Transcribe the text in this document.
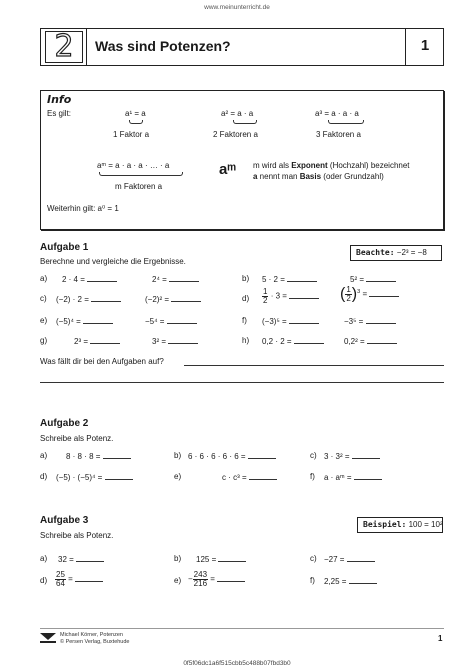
www.meinunterricht.de
2	Was sind Potenzen?	1
Info
Es gilt:	a¹ = a
1 Faktor a
a² = a · a
2 Faktoren a
a³ = a · a · a
3 Faktoren a
aᵐ = a · a · a · … · a
m Faktoren a
aᵐ m wird als Exponent (Hochzahl) bezeichnet
a nennt man Basis (oder Grundzahl)
Weiterhin gilt: a⁰ = 1
Aufgabe 1	Beachte: −2³ = −8
Berechne und vergleiche die Ergebnisse.
a) 2 · 4 =	2⁴ =	b) 5 · 2 =	5² =
c) (−2) · 2 =	(−2)² =	$d) \frac{1}{2} \cdot 3$ =	( $\frac{1}{2} )^3$ =
e) (−5)⁴ =	−5⁴ =	f) (−3)⁵ =	−3⁵ =
g)	2³ =	3² =	h) 0,2 · 2 =	0,2² =
Was fällt dir bei den Aufgaben auf?
Aufgabe 2
Schreibe als Potenz.
a) 8 · 8 · 8 =	b) 6 · 6 · 6 · 6 · 6 =	c) 3 · 3² =
d) (−5) · (−5)⁴ =	e)	c · c³ =	f) a · aᵐ =
Aufgabe 3	Beispiel: 100 = 10²
Schreibe als Potenz.
a) 32 =	b) 125 =	c) −27 =
$d) \frac{25}{64}$ =	$e) - \frac{243}{216}$ =	f) 2,25 =
Michael Körner, Potenzen
© Persen Verlag, Buxtehude	1
0f5f06dc1a6f515cbb5c488b07fbd3b0
